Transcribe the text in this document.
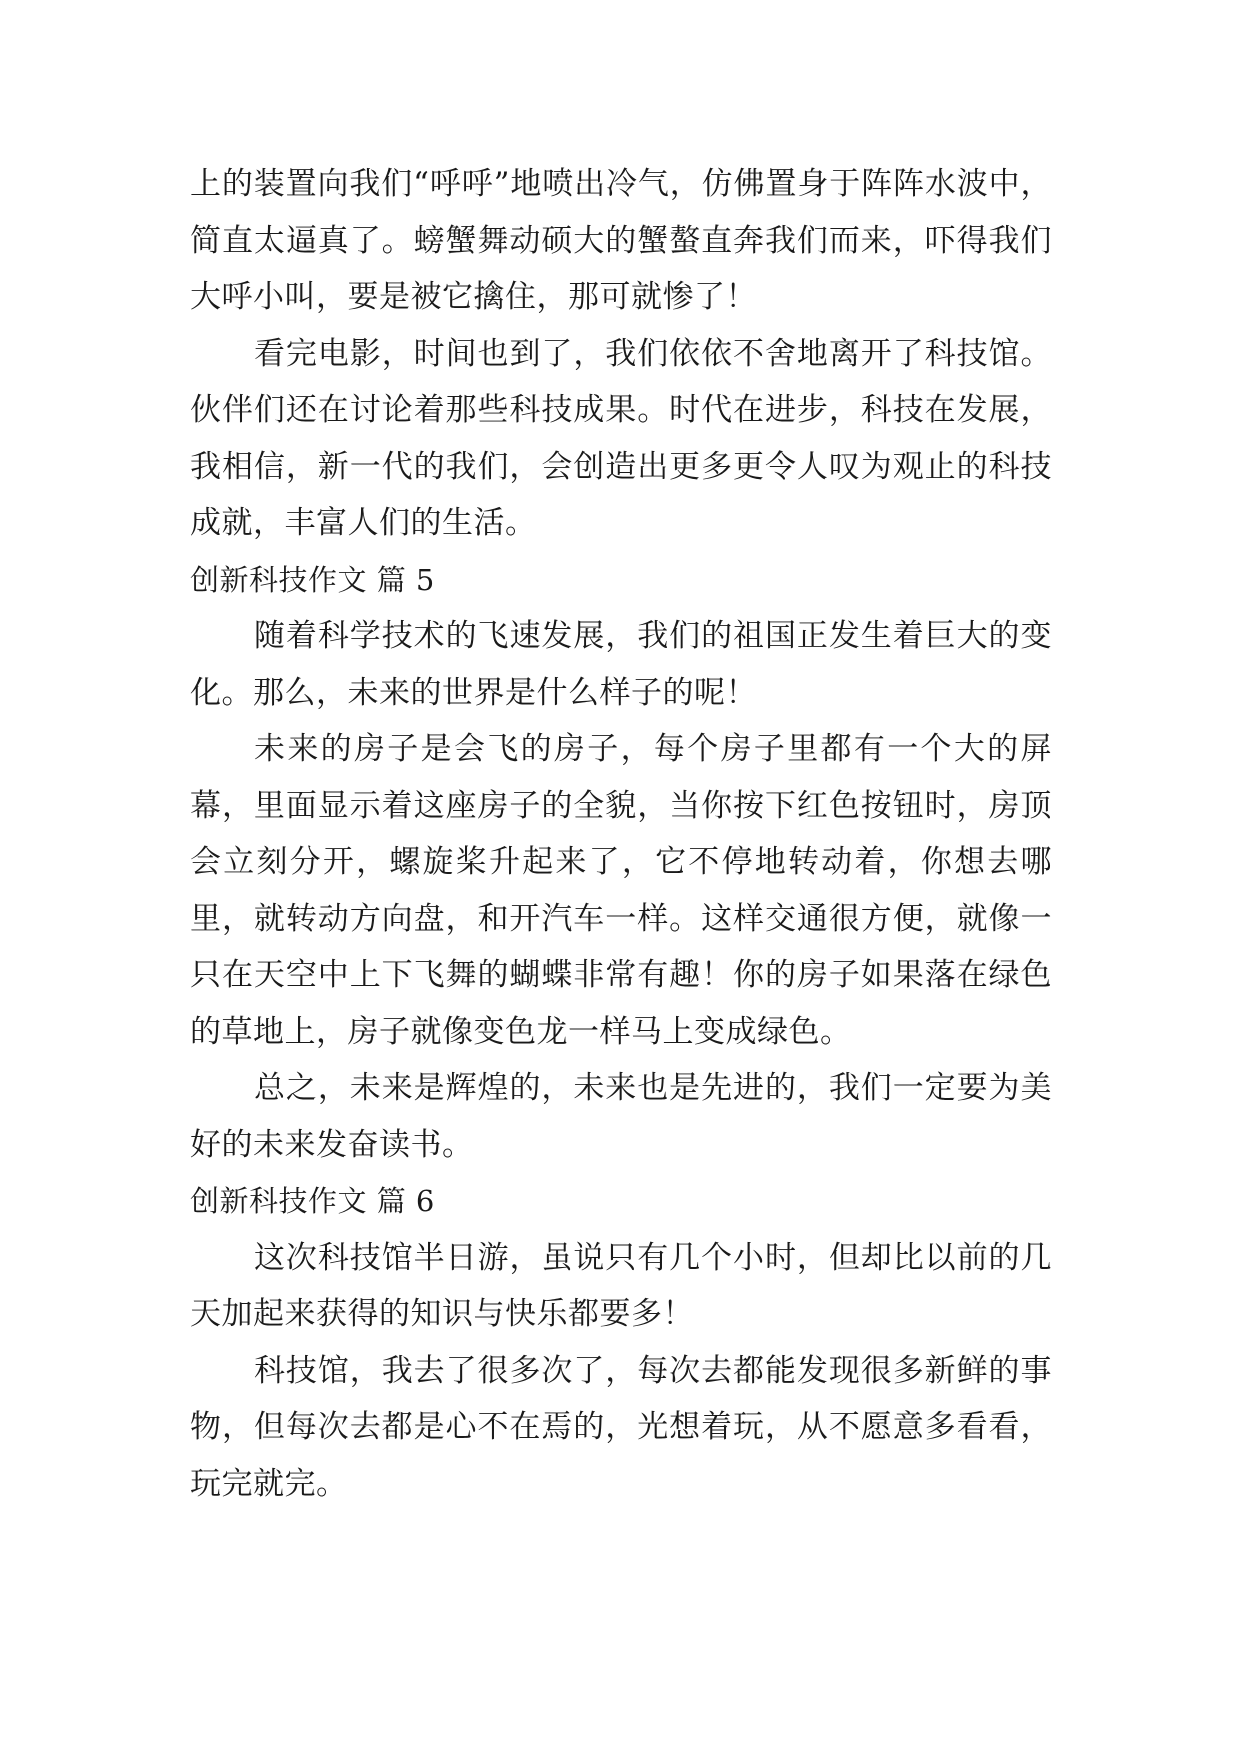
上的装置向我们“呼呼”地喷出冷气，仿佛置身于阵阵水波中，简直太逼真了。螃蟹舞动硕大的蟹螯直奔我们而来，吓得我们大呼小叫，要是被它擒住，那可就惨了！

看完电影，时间也到了，我们依依不舍地离开了科技馆。伙伴们还在讨论着那些科技成果。时代在进步，科技在发展，我相信，新一代的我们，会创造出更多更令人叹为观止的科技成就，丰富人们的生活。

创新科技作文 篇 5

随着科学技术的飞速发展，我们的祖国正发生着巨大的变化。那么，未来的世界是什么样子的呢！

未来的房子是会飞的房子，每个房子里都有一个大的屏幕，里面显示着这座房子的全貌，当你按下红色按钮时，房顶会立刻分开，螺旋桨升起来了，它不停地转动着，你想去哪里，就转动方向盘，和开汽车一样。这样交通很方便，就像一只在天空中上下飞舞的蝴蝶非常有趣！你的房子如果落在绿色的草地上，房子就像变色龙一样马上变成绿色。

总之，未来是辉煌的，未来也是先进的，我们一定要为美好的未来发奋读书。

创新科技作文 篇 6

这次科技馆半日游，虽说只有几个小时，但却比以前的几天加起来获得的知识与快乐都要多！

科技馆，我去了很多次了，每次去都能发现很多新鲜的事物，但每次去都是心不在焉的，光想着玩，从不愿意多看看，玩完就完。
